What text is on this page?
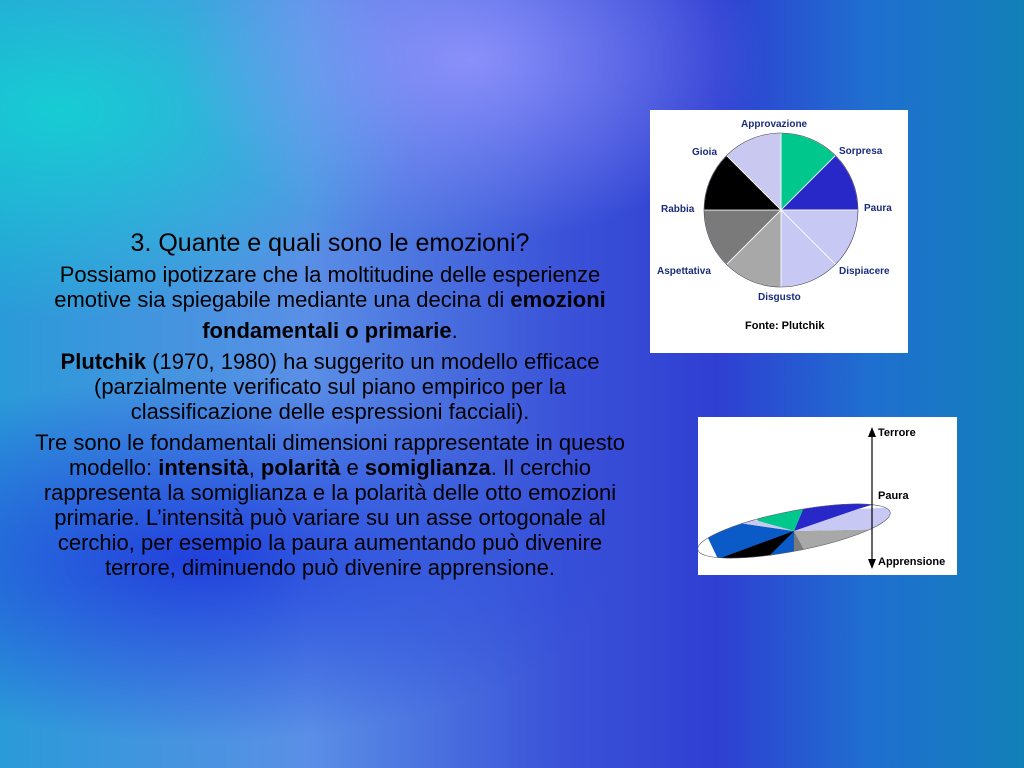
3. Quante e quali sono le emozioni?
Possiamo ipotizzare che la moltitudine delle esperienze emotive sia spiegabile mediante una decina di emozioni
fondamentali o primarie.
Plutchik (1970, 1980) ha suggerito un modello efficace (parzialmente verificato sul piano empirico per la classificazione delle espressioni facciali).
Tre sono le fondamentali dimensioni rappresentate in questo modello: intensità, polarità e somiglianza. Il cerchio rappresenta la somiglianza e la polarità delle otto emozioni primarie. L’intensità può variare su un asse ortogonale al cerchio, per esempio la paura aumentando può divenire terrore, diminuendo può divenire apprensione.
Approvazione
Sorpresa
Paura
Dispiacere
Disgusto
Aspettativa
Rabbia
Gioia
Fonte: Plutchik
Terrore
Paura
Apprensione
